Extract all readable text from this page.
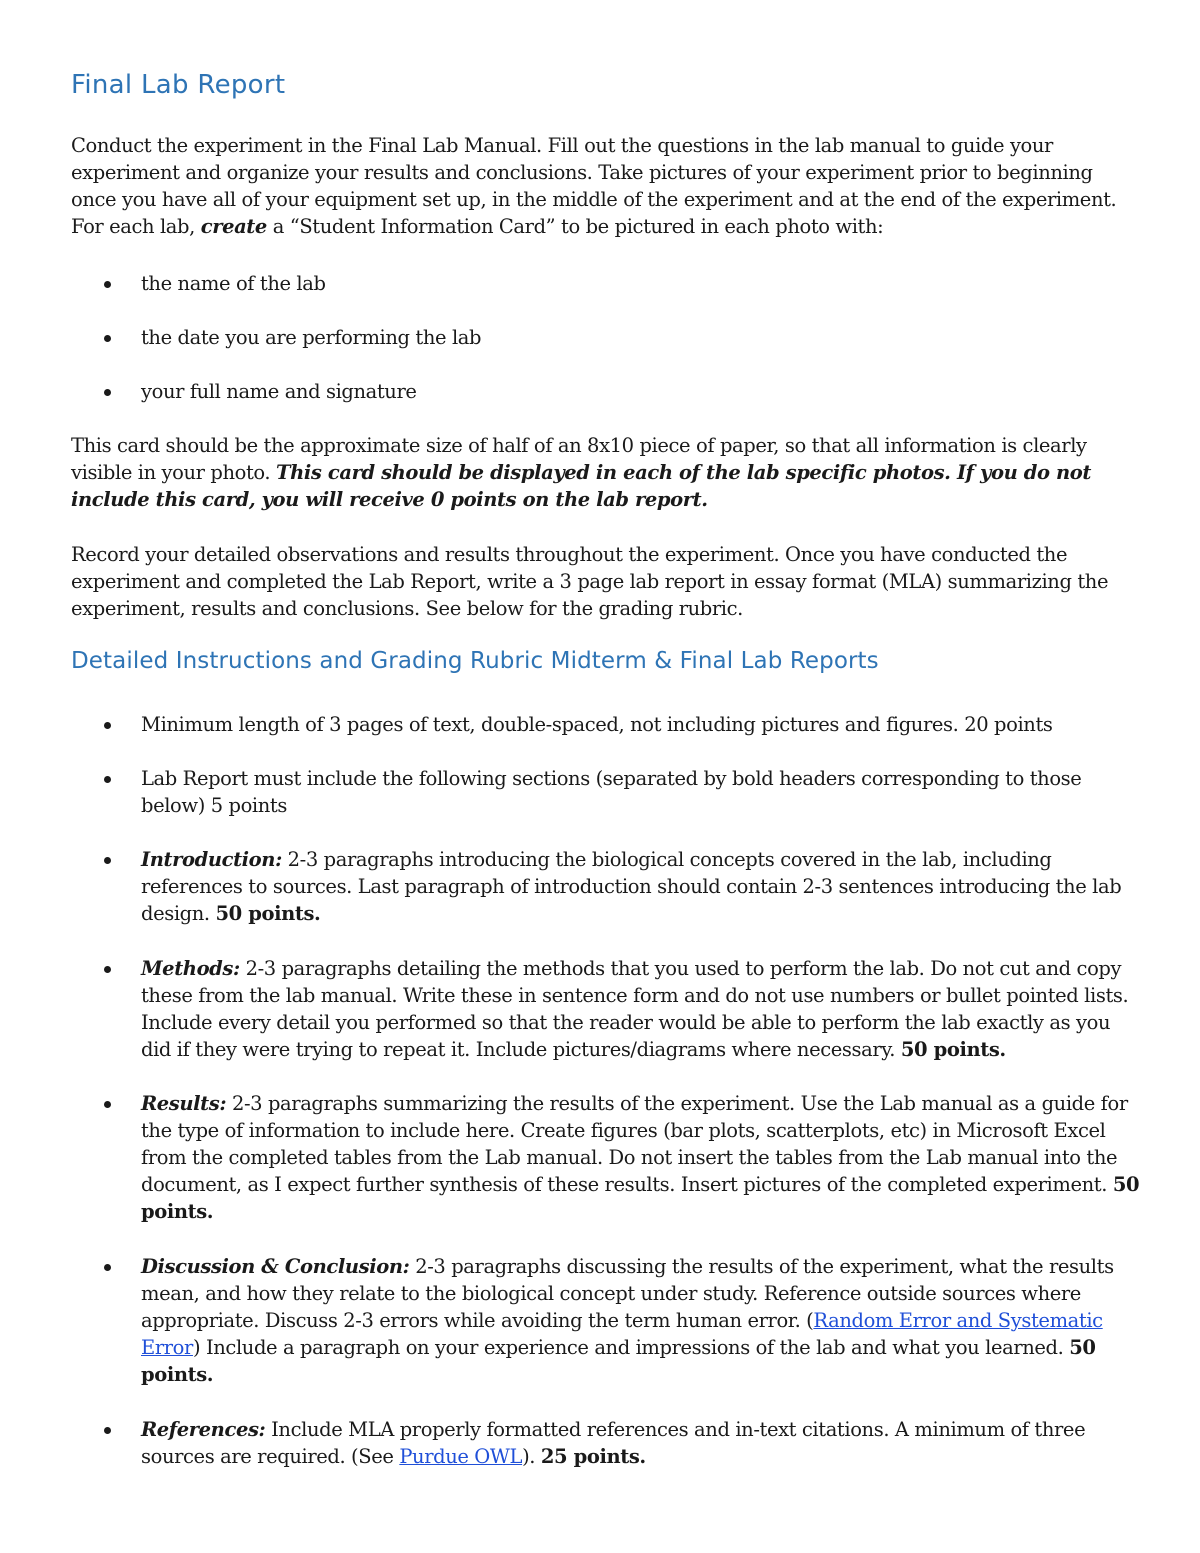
Final Lab Report

Conduct the experiment in the Final Lab Manual. Fill out the questions in the lab manual to guide your experiment and organize your results and conclusions. Take pictures of your experiment prior to beginning once you have all of your equipment set up, in the middle of the experiment and at the end of the experiment. For each lab, create a “Student Information Card” to be pictured in each photo with:

the name of the lab
the date you are performing the lab
your full name and signature

This card should be the approximate size of half of an 8x10 piece of paper, so that all information is clearly visible in your photo. This card should be displayed in each of the lab specific photos. If you do not include this card, you will receive 0 points on the lab report.

Record your detailed observations and results throughout the experiment. Once you have conducted the experiment and completed the Lab Report, write a 3 page lab report in essay format (MLA) summarizing the experiment, results and conclusions. See below for the grading rubric.

Detailed Instructions and Grading Rubric Midterm & Final Lab Reports
Minimum length of 3 pages of text, double-spaced, not including pictures and figures. 20 points
Lab Report must include the following sections (separated by bold headers corresponding to those below) 5 points
Introduction: 2-3 paragraphs introducing the biological concepts covered in the lab, including references to sources. Last paragraph of introduction should contain 2-3 sentences introducing the lab design. 50 points.
Methods: 2-3 paragraphs detailing the methods that you used to perform the lab. Do not cut and copy these from the lab manual. Write these in sentence form and do not use numbers or bullet pointed lists. Include every detail you performed so that the reader would be able to perform the lab exactly as you did if they were trying to repeat it. Include pictures/diagrams where necessary. 50 points.
Results: 2-3 paragraphs summarizing the results of the experiment. Use the Lab manual as a guide for the type of information to include here. Create figures (bar plots, scatterplots, etc) in Microsoft Excel from the completed tables from the Lab manual. Do not insert the tables from the Lab manual into the document, as I expect further synthesis of these results. Insert pictures of the completed experiment. 50 points.
Discussion & Conclusion: 2-3 paragraphs discussing the results of the experiment, what the results mean, and how they relate to the biological concept under study. Reference outside sources where appropriate. Discuss 2-3 errors while avoiding the term human error. (Random Error and Systematic Error) Include a paragraph on your experience and impressions of the lab and what you learned. 50 points.
References: Include MLA properly formatted references and in-text citations. A minimum of three sources are required. (See Purdue OWL). 25 points.
